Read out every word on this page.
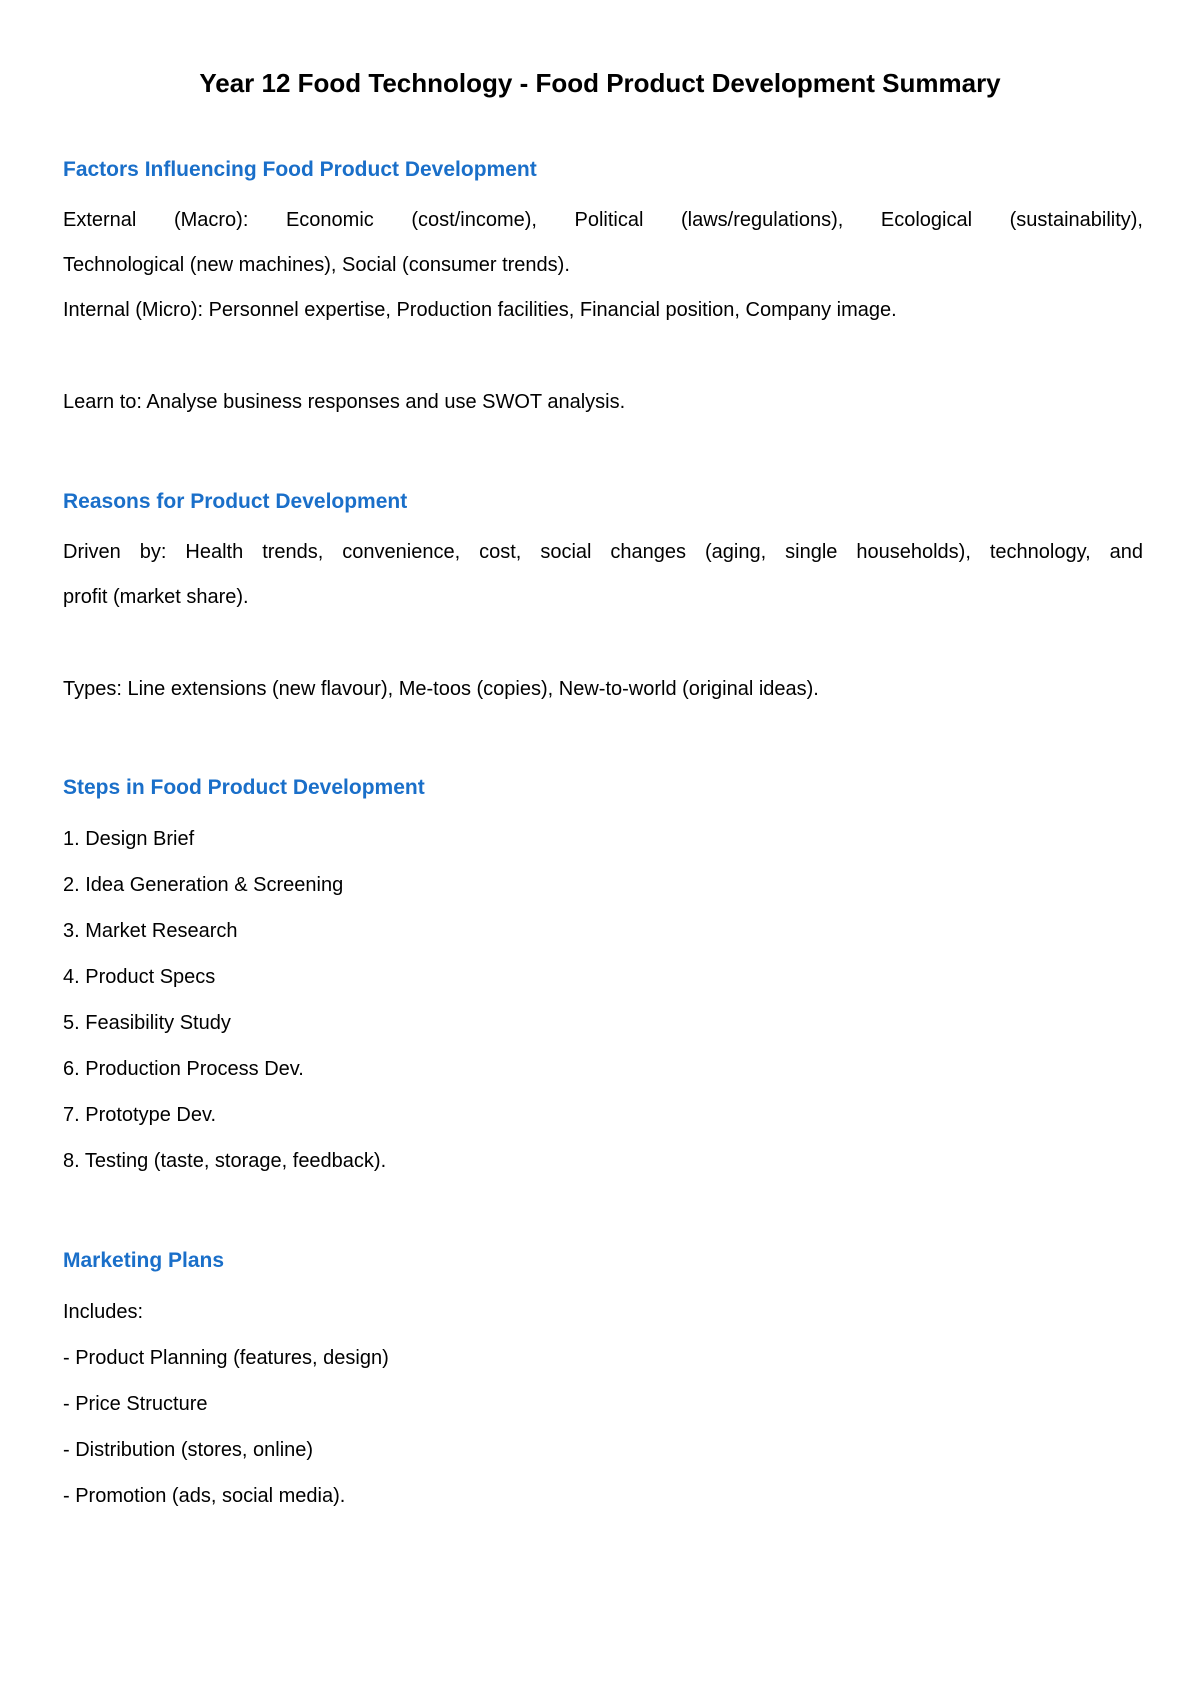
Year 12 Food Technology - Food Product Development Summary
Factors Influencing Food Product Development

External (Macro): Economic (cost/income), Political (laws/regulations), Ecological (sustainability),

Technological (new machines), Social (consumer trends).

Internal (Micro): Personnel expertise, Production facilities, Financial position, Company image.

Learn to: Analyse business responses and use SWOT analysis.

Reasons for Product Development

Driven by: Health trends, convenience, cost, social changes (aging, single households), technology, and

profit (market share).

Types: Line extensions (new flavour), Me-toos (copies), New-to-world (original ideas).

Steps in Food Product Development

1. Design Brief

2. Idea Generation & Screening

3. Market Research

4. Product Specs

5. Feasibility Study

6. Production Process Dev.

7. Prototype Dev.

8. Testing (taste, storage, feedback).

Marketing Plans

Includes:

- Product Planning (features, design)

- Price Structure

- Distribution (stores, online)

- Promotion (ads, social media).
